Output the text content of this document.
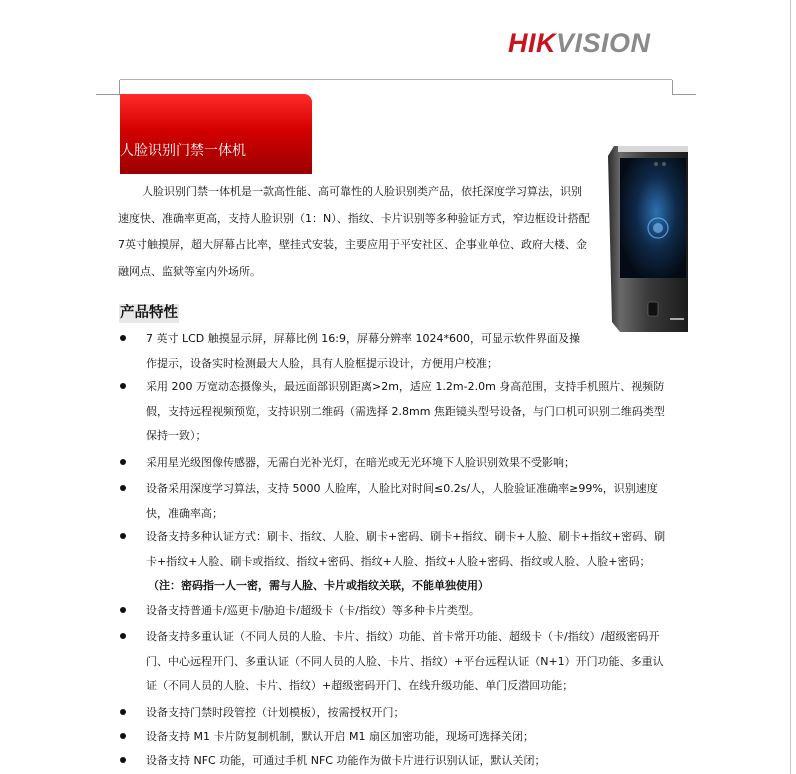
HIKVISION
人脸识别门禁一体机

人脸识别门禁一体机是一款高性能、高可靠性的人脸识别类产品，依托深度学习算法，识别速度快、准确率更高，支持人脸识别（1：N）、指纹、卡片识别等多种验证方式，窄边框设计搭配7英寸触摸屏，超大屏幕占比率，壁挂式安装，主要应用于平安社区、企事业单位、政府大楼、金融网点、监狱等室内外场所。

产品特性

7 英寸 LCD 触摸显示屏，屏幕比例 16:9，屏幕分辨率 1024*600，可显示软件界面及操作提示，设备实时检测最大人脸，具有人脸框提示设计，方便用户校准；

采用 200 万宽动态摄像头，最远面部识别距离>2m，适应 1.2m-2.0m 身高范围，支持手机照片、视频防假，支持远程视频预览，支持识别二维码（需选择 2.8mm 焦距镜头型号设备，与门口机可识别二维码类型保持一致）；

采用星光级图像传感器，无需白光补光灯，在暗光或无光环境下人脸识别效果不受影响；

设备采用深度学习算法，支持 5000 人脸库，人脸比对时间≤0.2s/人，人脸验证准确率≥99%，识别速度快，准确率高；

设备支持多种认证方式：刷卡、指纹、人脸、刷卡+密码、刷卡+指纹、刷卡+人脸、刷卡+指纹+密码、刷卡+指纹+人脸、刷卡或指纹、指纹+密码、指纹+人脸、指纹+人脸+密码、指纹或人脸、人脸+密码；

（注：密码指一人一密，需与人脸、卡片或指纹关联，不能单独使用）

设备支持普通卡/巡更卡/胁迫卡/超级卡（卡/指纹）等多种卡片类型。

设备支持多重认证（不同人员的人脸、卡片、指纹）功能、首卡常开功能、超级卡（卡/指纹）/超级密码开门、中心远程开门、多重认证（不同人员的人脸、卡片、指纹）+平台远程认证（N+1）开门功能、多重认证（不同人员的人脸、卡片、指纹）+超级密码开门、在线升级功能、单门反潜回功能；

设备支持门禁时段管控（计划模板），按需授权开门；

设备支持 M1 卡片防复制机制，默认开启 M1 扇区加密功能，现场可选择关闭；

设备支持 NFC 功能，可通过手机 NFC 功能作为做卡片进行识别认证，默认关闭；
